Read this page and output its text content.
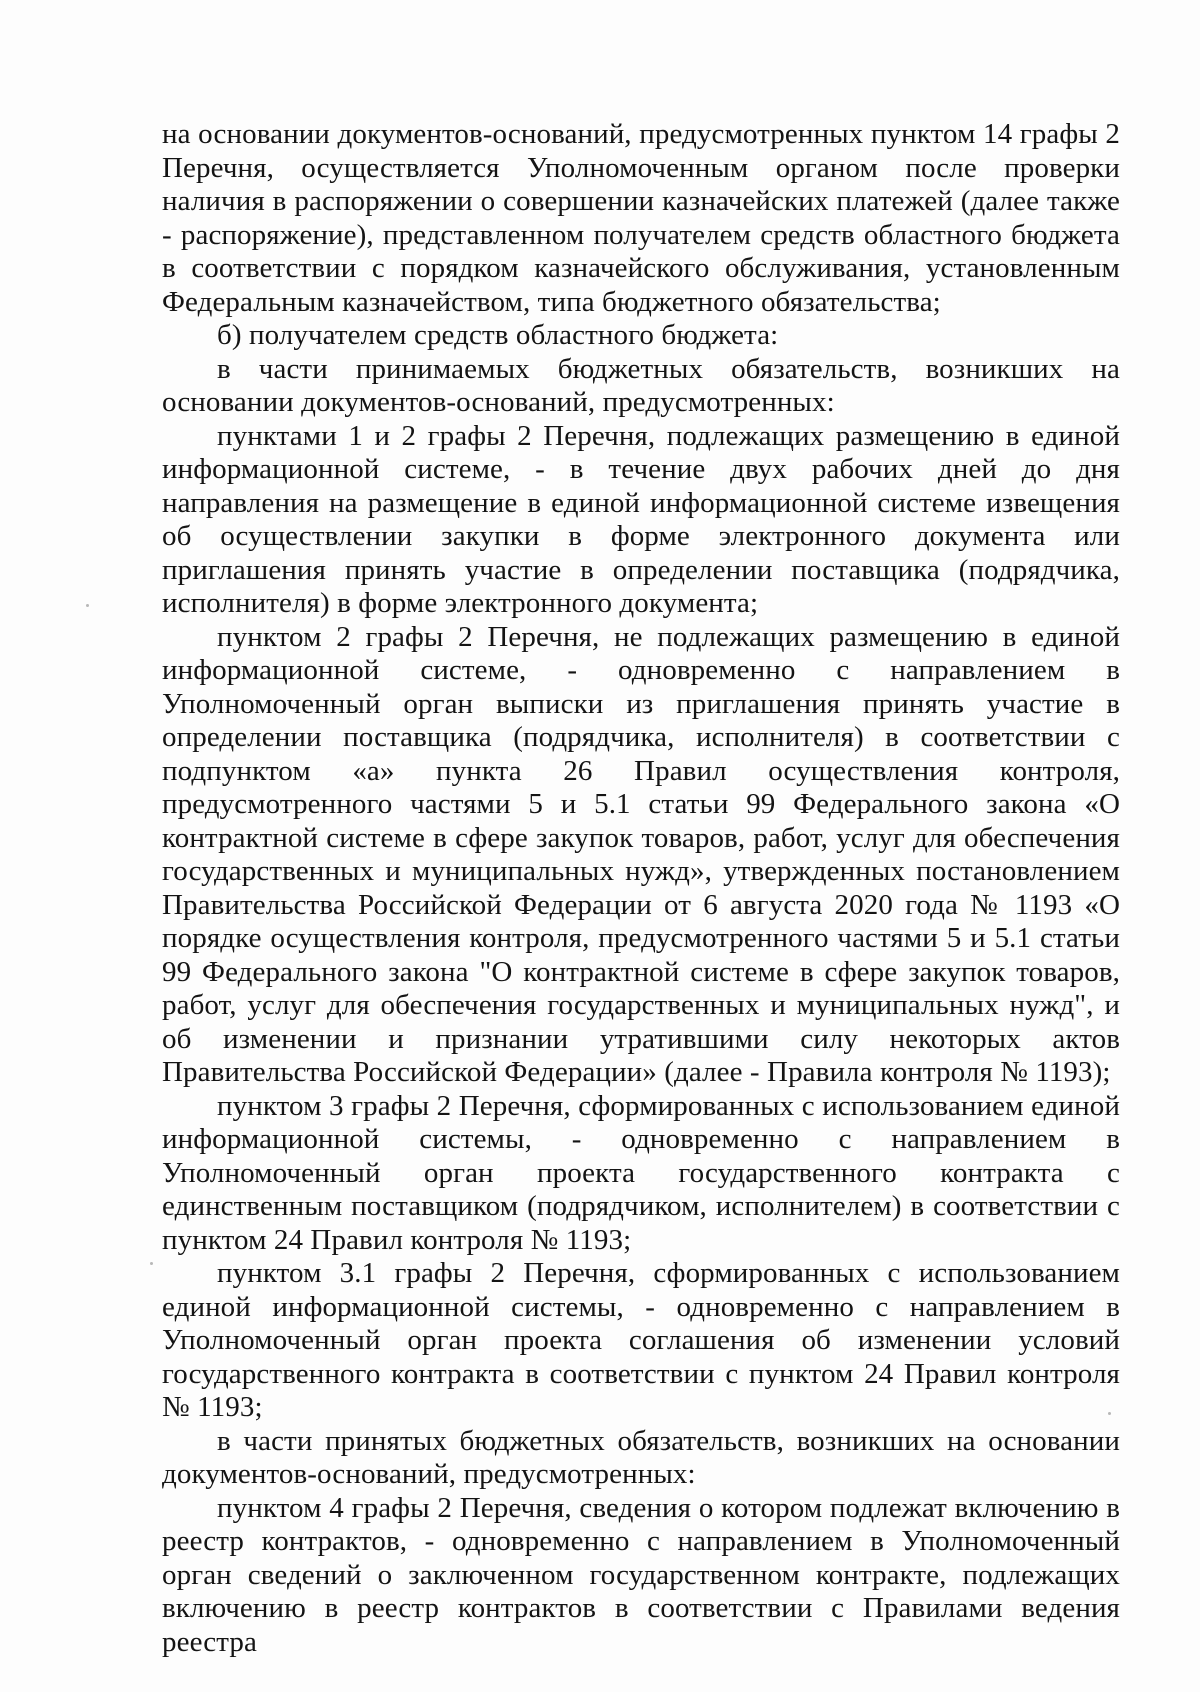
на основании документов-оснований, предусмотренных пунктом 14 графы 2 Перечня, осуществляется Уполномоченным органом после проверки наличия в распоряжении о совершении казначейских платежей (далее также - распоряжение), представленном получателем средств областного бюджета в соответствии с порядком казначейского обслуживания, установленным Федеральным казначейством, типа бюджетного обязательства;

б) получателем средств областного бюджета:

в части принимаемых бюджетных обязательств, возникших на основании документов-оснований, предусмотренных:

пунктами 1 и 2 графы 2 Перечня, подлежащих размещению в единой информационной системе, - в течение двух рабочих дней до дня направления на размещение в единой информационной системе извещения об осуществлении закупки в форме электронного документа или приглашения принять участие в определении поставщика (подрядчика, исполнителя) в форме электронного документа;

пунктом 2 графы 2 Перечня, не подлежащих размещению в единой информационной системе, - одновременно с направлением в Уполномоченный орган выписки из приглашения принять участие в определении поставщика (подрядчика, исполнителя) в соответствии с подпунктом «а» пункта 26 Правил осуществления контроля, предусмотренного частями 5 и 5.1 статьи 99 Федерального закона «О контрактной системе в сфере закупок товаров, работ, услуг для обеспечения государственных и муниципальных нужд», утвержденных постановлением Правительства Российской Федерации от 6 августа 2020 года № 1193 «О порядке осуществления контроля, предусмотренного частями 5 и 5.1 статьи 99 Федерального закона "О контрактной системе в сфере закупок товаров, работ, услуг для обеспечения государственных и муниципальных нужд", и об изменении и признании утратившими силу некоторых актов Правительства Российской Федерации» (далее - Правила контроля № 1193);

пунктом 3 графы 2 Перечня, сформированных с использованием единой информационной системы, - одновременно с направлением в Уполномоченный орган проекта государственного контракта с единственным поставщиком (подрядчиком, исполнителем) в соответствии с пунктом 24 Правил контроля № 1193;

пунктом 3.1 графы 2 Перечня, сформированных с использованием единой информационной системы, - одновременно с направлением в Уполномоченный орган проекта соглашения об изменении условий государственного контракта в соответствии с пунктом 24 Правил контроля № 1193;

в части принятых бюджетных обязательств, возникших на основании документов-оснований, предусмотренных:

пунктом 4 графы 2 Перечня, сведения о котором подлежат включению в реестр контрактов, - одновременно с направлением в Уполномоченный орган сведений о заключенном государственном контракте, подлежащих включению в реестр контрактов в соответствии с Правилами ведения реестра
